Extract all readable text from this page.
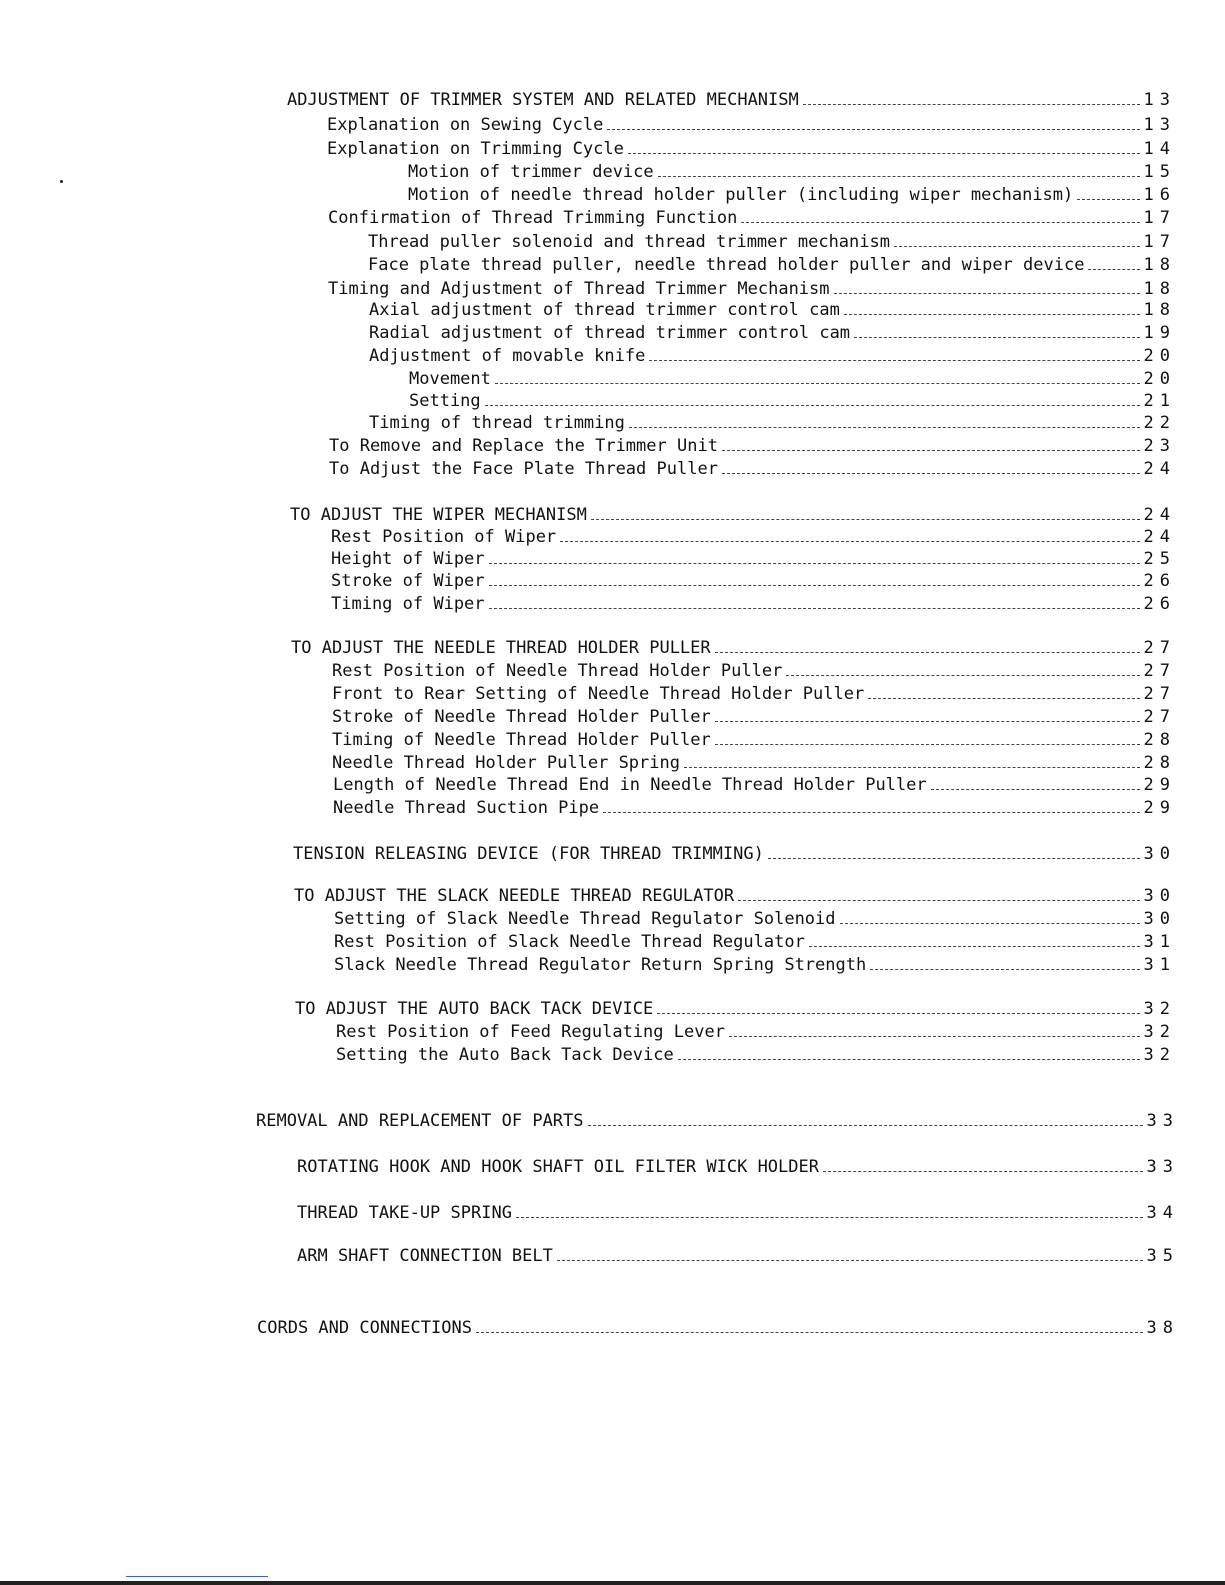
ADJUSTMENT OF TRIMMER SYSTEM AND RELATED MECHANISM	13
Explanation on Sewing Cycle	13
Explanation on Trimming Cycle	14
Motion of trimmer device	15
Motion of needle thread holder puller (including wiper mechanism)	16
Confirmation of Thread Trimming Function	17
Thread puller solenoid and thread trimmer mechanism	17
Face plate thread puller, needle thread holder puller and wiper device	18
Timing and Adjustment of Thread Trimmer Mechanism	18
Axial adjustment of thread trimmer control cam	18
Radial adjustment of thread trimmer control cam	19
Adjustment of movable knife	20
Movement	20
Setting	21
Timing of thread trimming	22
To Remove and Replace the Trimmer Unit	23
To Adjust the Face Plate Thread Puller	24
TO ADJUST THE WIPER MECHANISM	24
Rest Position of Wiper	24
Height of Wiper	25
Stroke of Wiper	26
Timing of Wiper	26
TO ADJUST THE NEEDLE THREAD HOLDER PULLER	27
Rest Position of Needle Thread Holder Puller	27
Front to Rear Setting of Needle Thread Holder Puller	27
Stroke of Needle Thread Holder Puller	27
Timing of Needle Thread Holder Puller	28
Needle Thread Holder Puller Spring	28
Length of Needle Thread End in Needle Thread Holder Puller	29
Needle Thread Suction Pipe	29
TENSION RELEASING DEVICE (FOR THREAD TRIMMING)	30
TO ADJUST THE SLACK NEEDLE THREAD REGULATOR	30
Setting of Slack Needle Thread Regulator Solenoid	30
Rest Position of Slack Needle Thread Regulator	31
Slack Needle Thread Regulator Return Spring Strength	31
TO ADJUST THE AUTO BACK TACK DEVICE	32
Rest Position of Feed Regulating Lever	32
Setting the Auto Back Tack Device	32
REMOVAL AND REPLACEMENT OF PARTS	33
ROTATING HOOK AND HOOK SHAFT OIL FILTER WICK HOLDER	33
THREAD TAKE-UP SPRING	34
ARM SHAFT CONNECTION BELT	35
CORDS AND CONNECTIONS	38
